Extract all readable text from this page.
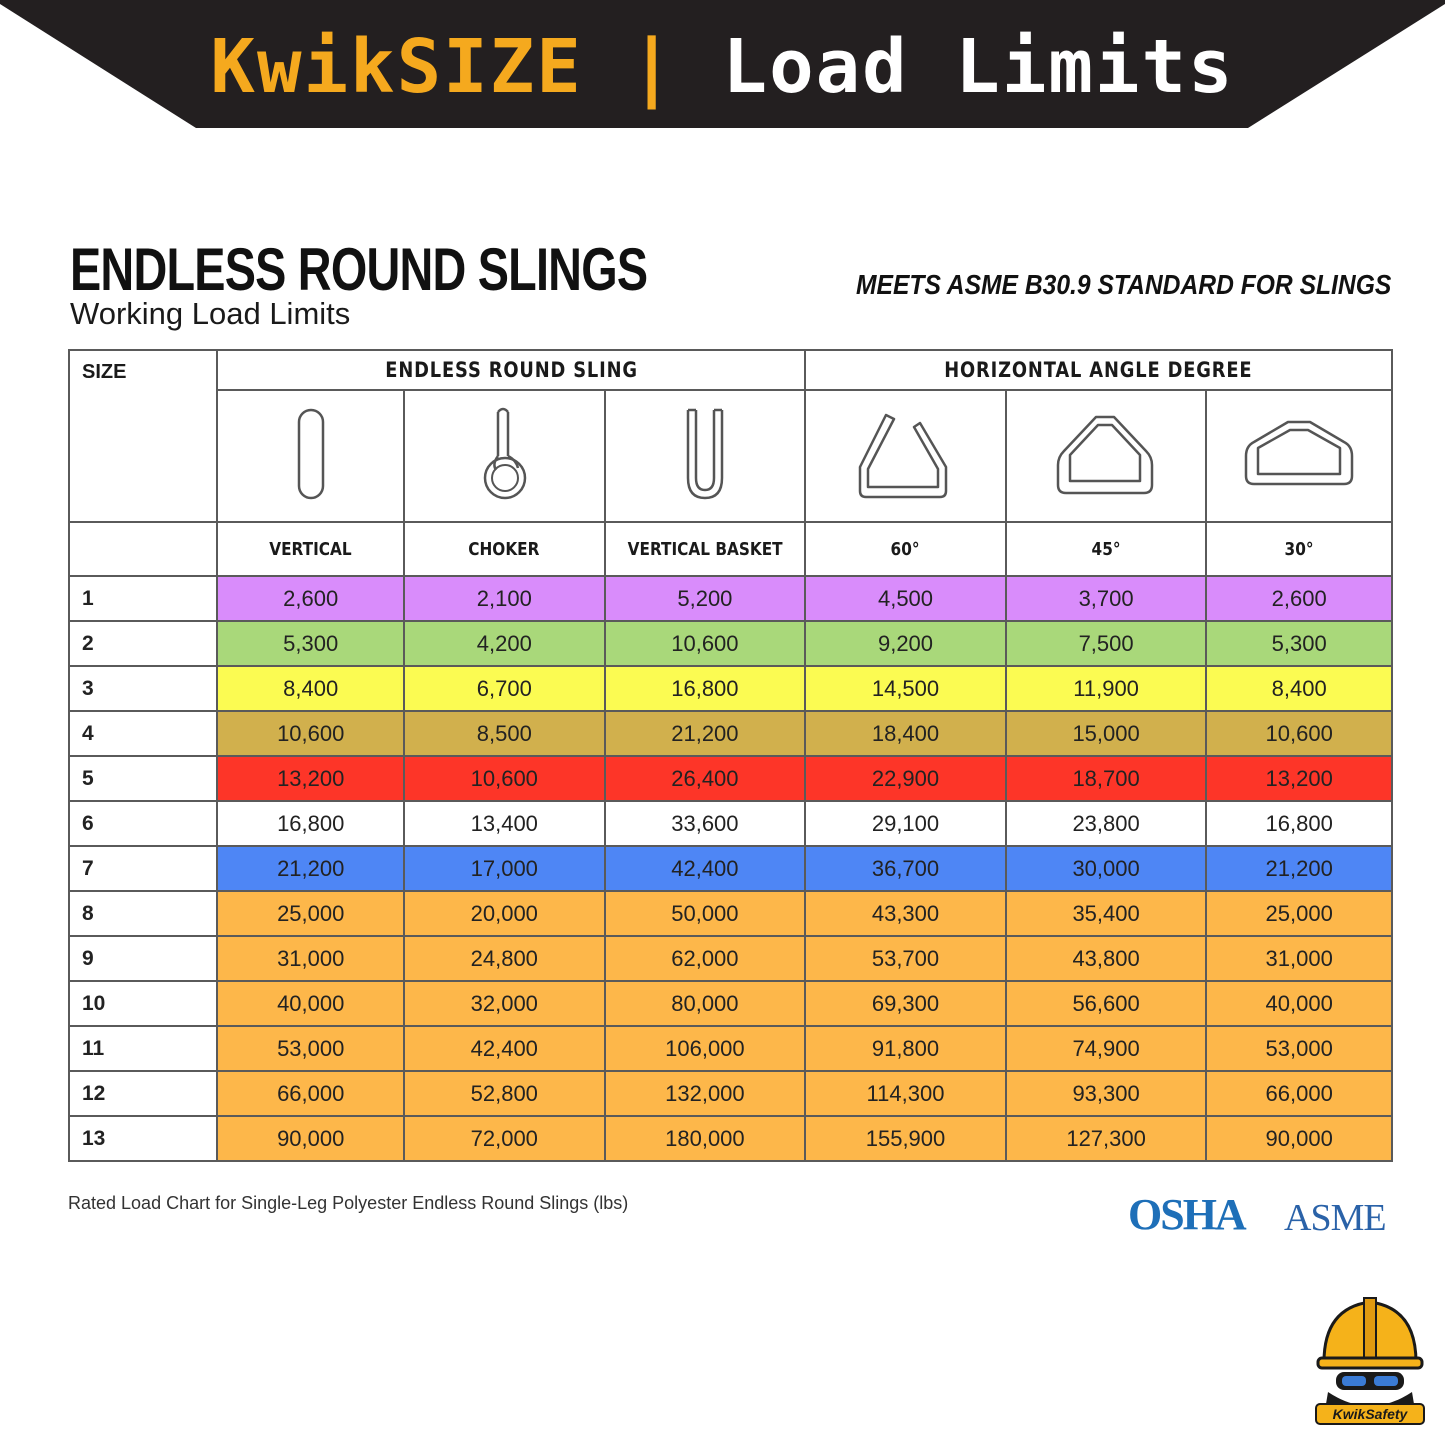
KwikSIZE | Load Limits
ENDLESS ROUND SLINGS
Working Load Limits
MEETS ASME B30.9 STANDARD FOR SLINGS
SIZE	ENDLESS ROUND SLING			HORIZONTAL ANGLE DEGREE		

	VERTICAL	CHOKER	VERTICAL BASKET	60°	45°	30°
1	2,600	2,100	5,200	4,500	3,700	2,600
2	5,300	4,200	10,600	9,200	7,500	5,300
3	8,400	6,700	16,800	14,500	11,900	8,400
4	10,600	8,500	21,200	18,400	15,000	10,600
5	13,200	10,600	26,400	22,900	18,700	13,200
6	16,800	13,400	33,600	29,100	23,800	16,800
7	21,200	17,000	42,400	36,700	30,000	21,200
8	25,000	20,000	50,000	43,300	35,400	25,000
9	31,000	24,800	62,000	53,700	43,800	31,000
10	40,000	32,000	80,000	69,300	56,600	40,000
11	53,000	42,400	106,000	91,800	74,900	53,000
12	66,000	52,800	132,000	114,300	93,300	66,000
13	90,000	72,000	180,000	155,900	127,300	90,000
Rated Load Chart for Single-Leg Polyester Endless Round Slings (lbs)	OSHA ASME
KwikSafety
